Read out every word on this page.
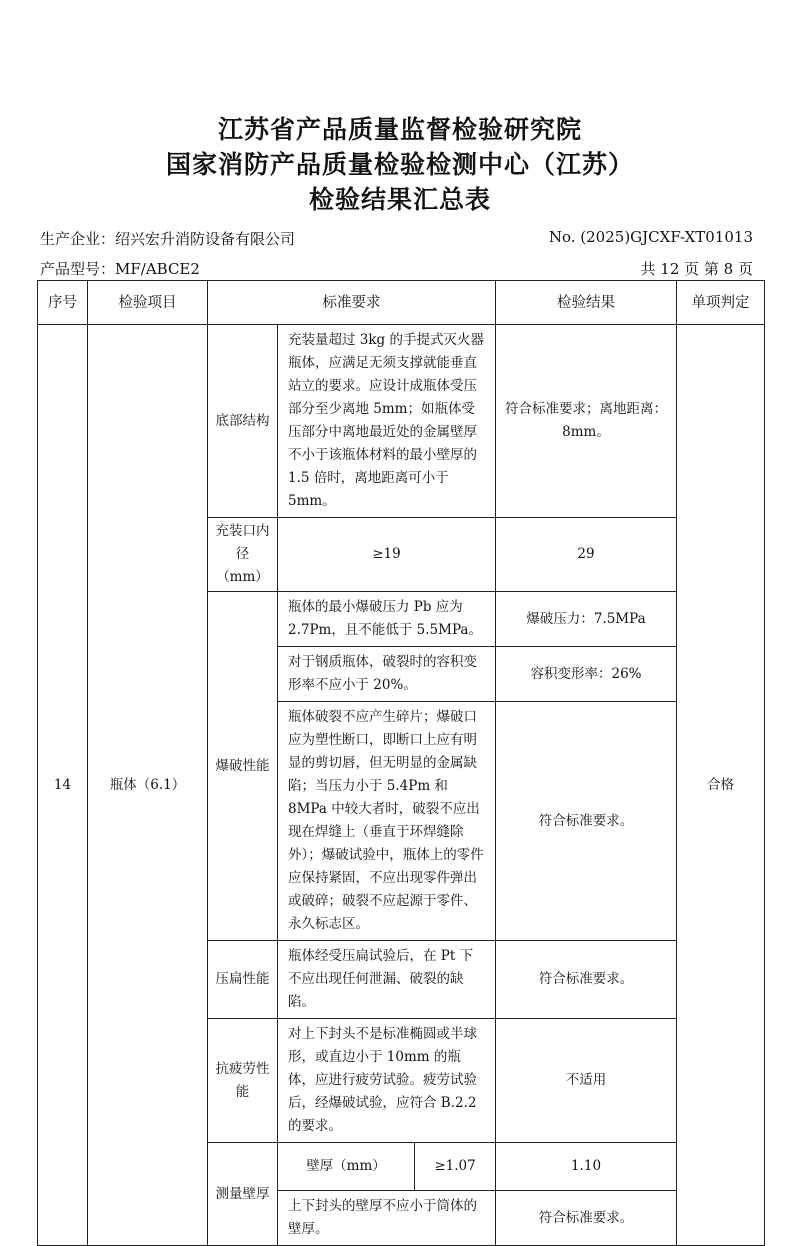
江苏省产品质量监督检验研究院
国家消防产品质量检验检测中心（江苏）
检验结果汇总表
生产企业：绍兴宏升消防设备有限公司	No. (2025)GJCXF-XT01013
产品型号：MF/ABCE2	共 12 页 第 8 页
序号	检验项目	标准要求			检验结果	单项判定
14	瓶体（6.1）	底部结构	充装量超过 3kg 的手提式灭火器瓶体，应满足无须支撑就能垂直站立的要求。应设计成瓶体受压部分至少离地 5mm；如瓶体受压部分中离地最近处的金属壁厚不小于该瓶体材料的最小壁厚的 1.5 倍时，离地距离可小于 5mm。		符合标准要求；离地距离：8mm。	合格
		充装口内径（mm）	≥19		29	
		爆破性能	瓶体的最小爆破压力 Pb 应为 2.7Pm，且不能低于 5.5MPa。		爆破压力：7.5MPa	
			对于钢质瓶体，破裂时的容积变形率不应小于 20%。		容积变形率：26%	
			瓶体破裂不应产生碎片；爆破口应为塑性断口，即断口上应有明显的剪切唇，但无明显的金属缺陷；当压力小于 5.4Pm 和 8MPa 中较大者时，破裂不应出现在焊缝上（垂直于环焊缝除外）；爆破试验中，瓶体上的零件应保持紧固，不应出现零件弹出或破碎；破裂不应起源于零件、永久标志区。		符合标准要求。	
		压扁性能	瓶体经受压扁试验后，在 Pt 下不应出现任何泄漏、破裂的缺陷。		符合标准要求。	
		抗疲劳性能	对上下封头不是标准椭圆或半球形，或直边小于 10mm 的瓶体，应进行疲劳试验。疲劳试验后，经爆破试验，应符合 B.2.2 的要求。		不适用	
		测量壁厚	壁厚（mm）	≥1.07	1.10	
			上下封头的壁厚不应小于筒体的壁厚。		符合标准要求。	
